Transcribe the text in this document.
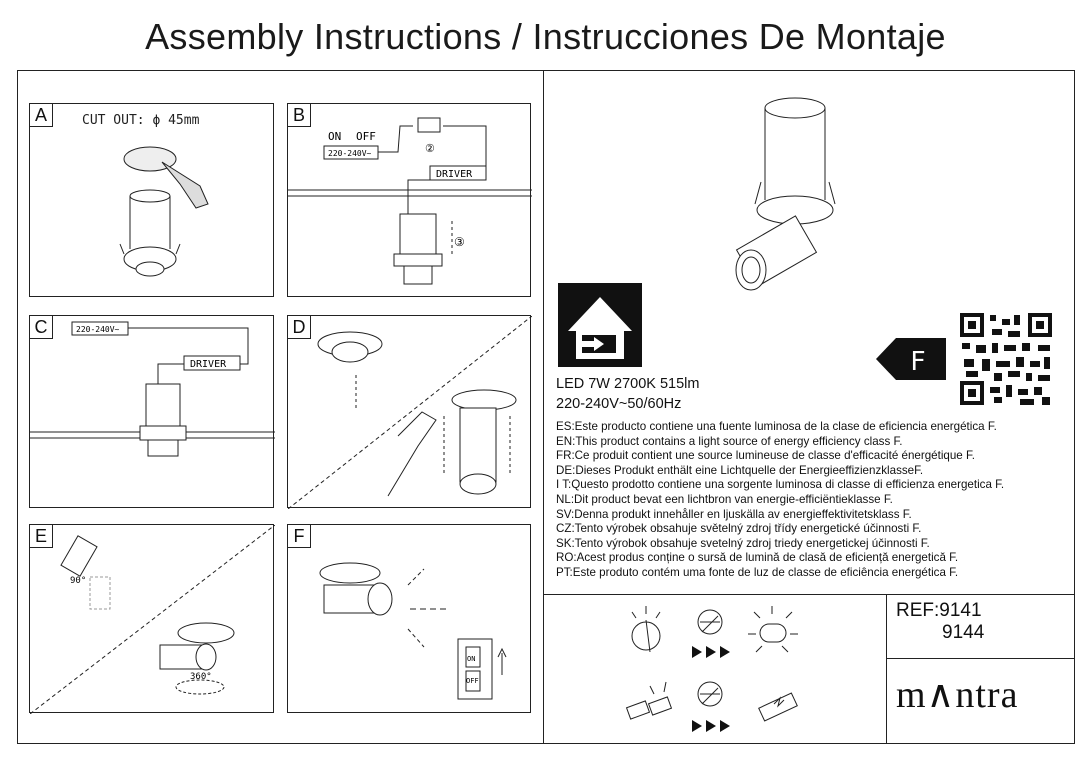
Assembly Instructions / Instrucciones De Montaje
A	CUT OUT: ϕ 45mm	B
ON OFF
220-240V~	②
DRIVER
③
C	220-240V~
DRIVER
D
E
90°
360°
F
ON
OFF
F
LED 7W 2700K 515lm
220-240V~50/60Hz
ES:Este producto contiene una fuente luminosa de la clase de eficiencia energética F.
EN:This product contains a light source of energy efficiency class F.
FR:Ce produit contient une source lumineuse de classe d'efficacité énergétique F.
DE:Dieses Produkt enthält eine Lichtquelle der EnergieeffizienzklasseF.
I T:Questo prodotto contiene una sorgente luminosa di classe di efficienza energetica F.
NL:Dit product bevat een lichtbron van energie-efficiëntieklasse F.
SV:Denna produkt innehåller en ljuskälla av energieffektivitetsklass F.
CZ:Tento výrobek obsahuje světelný zdroj třídy energetické účinnosti F.
SK:Tento výrobok obsahuje svetelný zdroj triedy energetickej účinnosti F.
RO:Acest produs conține o sursă de lumină de clasă de eficiență energetică F.
PT:Este produto contém uma fonte de luz de classe de eficiência energética F.
REF:9141
9144
m∧ntra
